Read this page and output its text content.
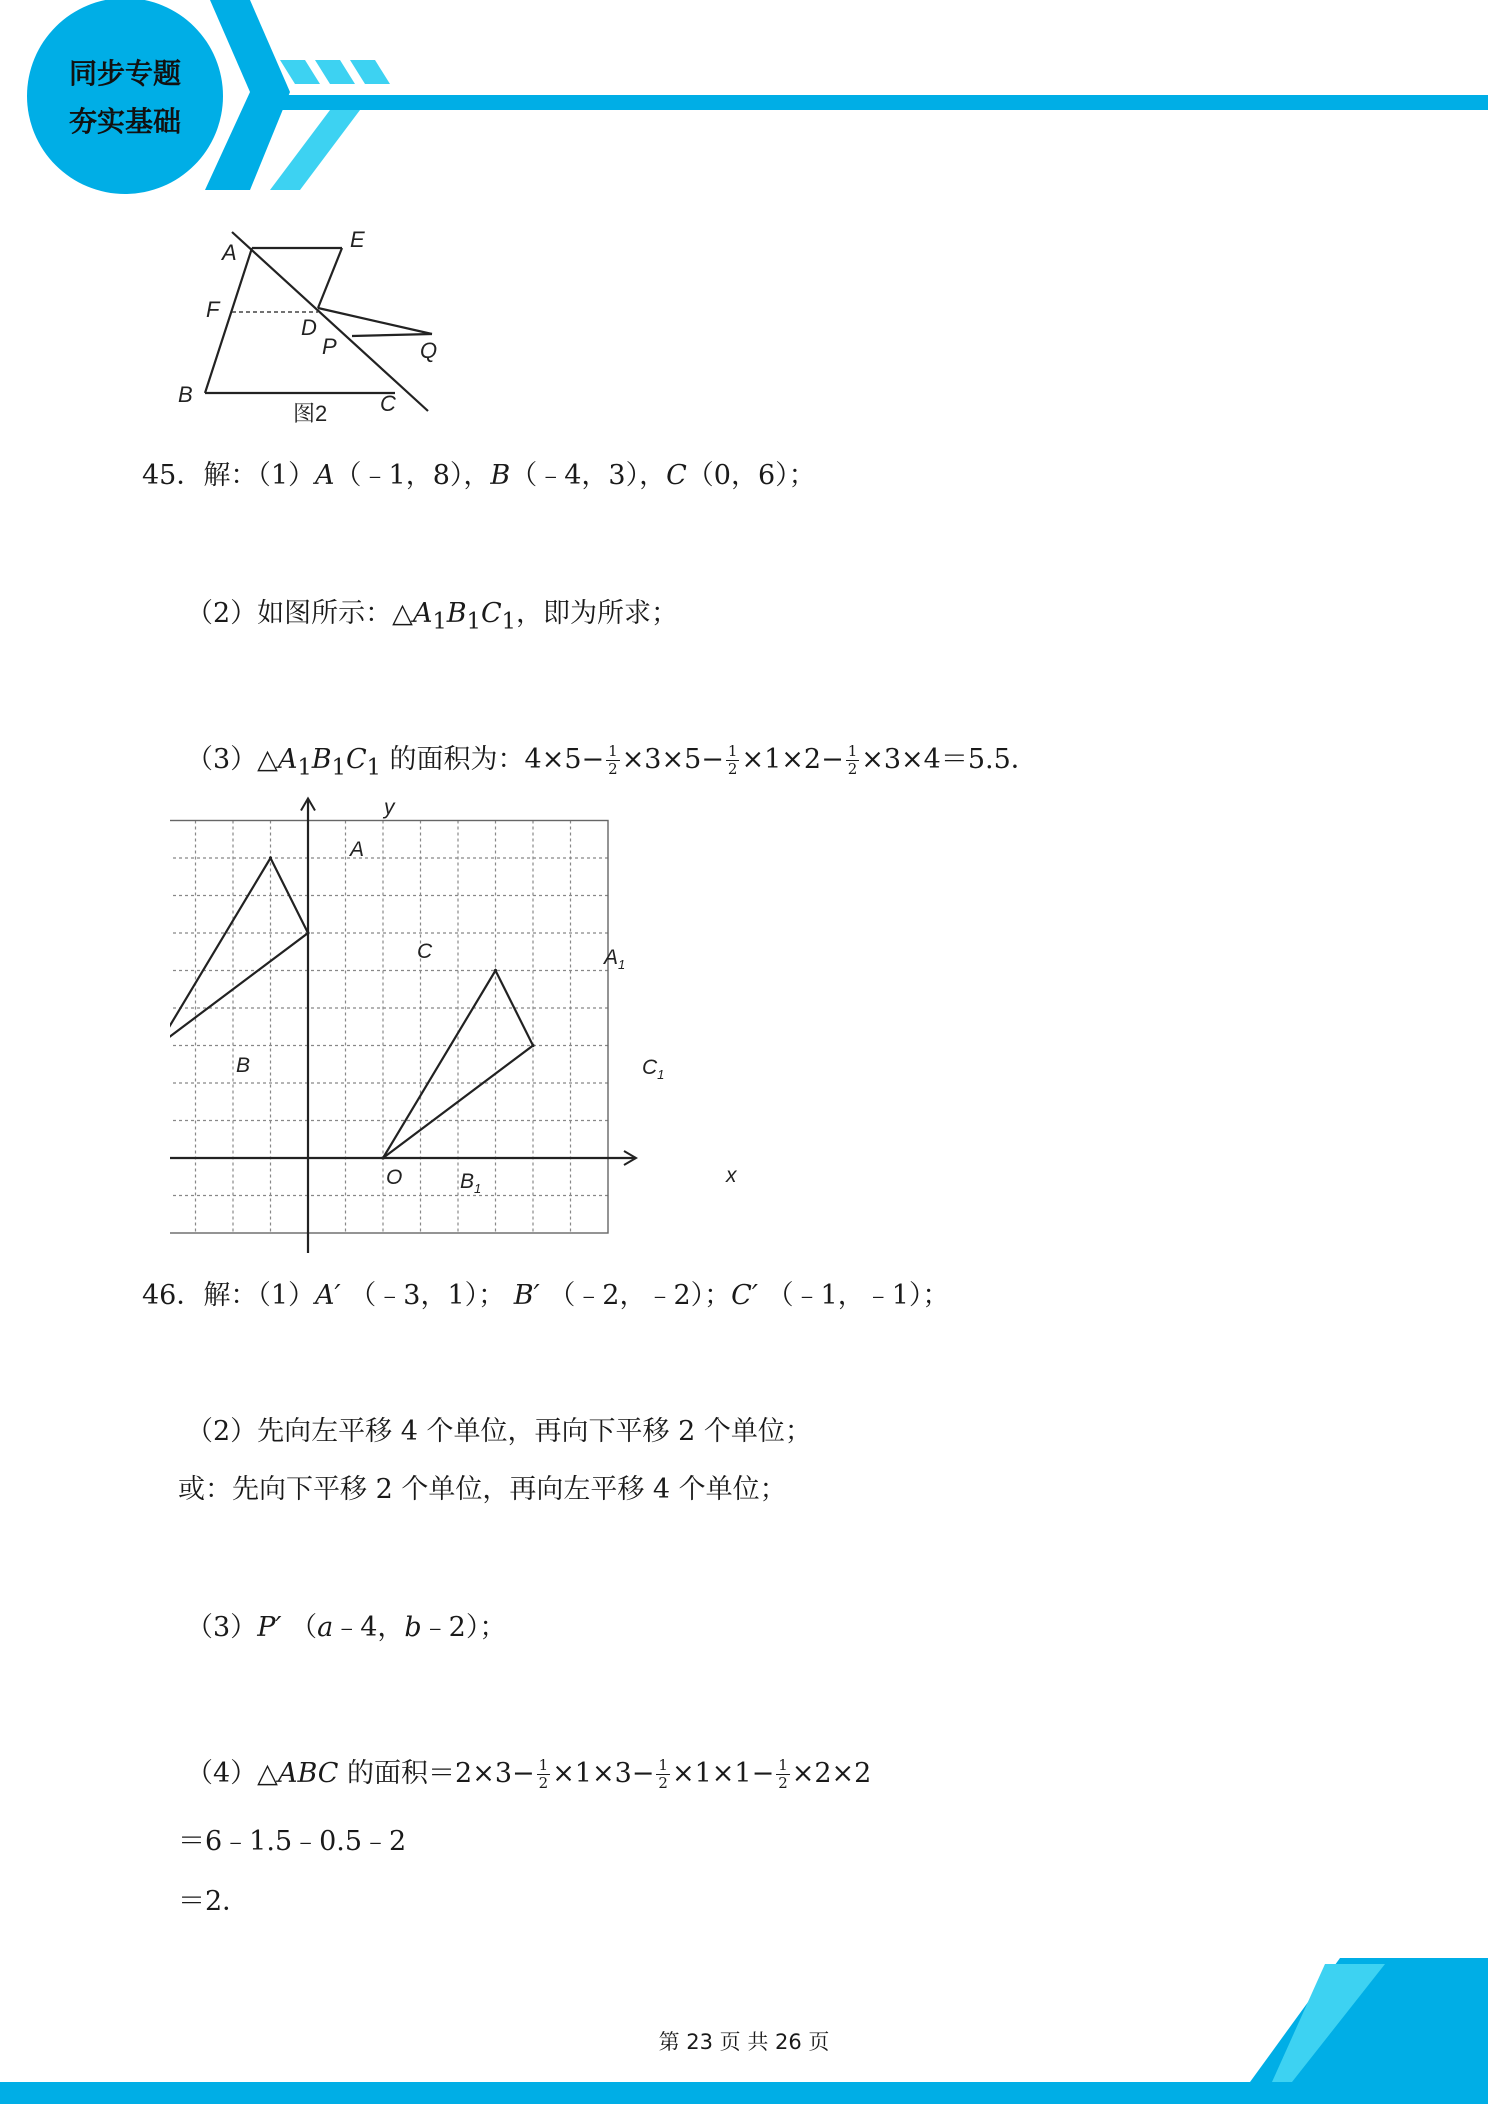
同步专题
夯实基础
A
E
F
D
P	Q
B	C
图2
45．解：（1）A（﹣1，8），B（﹣4，3），C（0，6）；
（2）如图所示：$\triangle A_1B_1C_1$，即为所求；
$(3)\triangle A_1B_1C_1$ 的面积为：$4\times 5- \frac{1}{2} \times 3\times 5- \frac{1}{2} \times 1\times 2- \frac{1}{2} \times 3\times 4=5.5$．
y
x
O
A
C
B
$A_1$
$C_1$
$B_1$
46．解：（1）A′ （﹣3，1）； B′ （﹣2，﹣2）；C′ （﹣1，﹣1）；
（2）先向左平移 4 个单位，再向下平移 2 个单位；
或：先向下平移 2 个单位，再向左平移 4 个单位；
（3）P′ （a﹣4，b﹣2）；
（4）△ABC 的面积$=2\times 3- \frac{1}{2} \times 1\times 3- \frac{1}{2} \times 1\times 1- \frac{1}{2} \times 2\times 2$
＝6﹣1.5﹣0.5﹣2
＝2．
第 23 页 共 26 页
